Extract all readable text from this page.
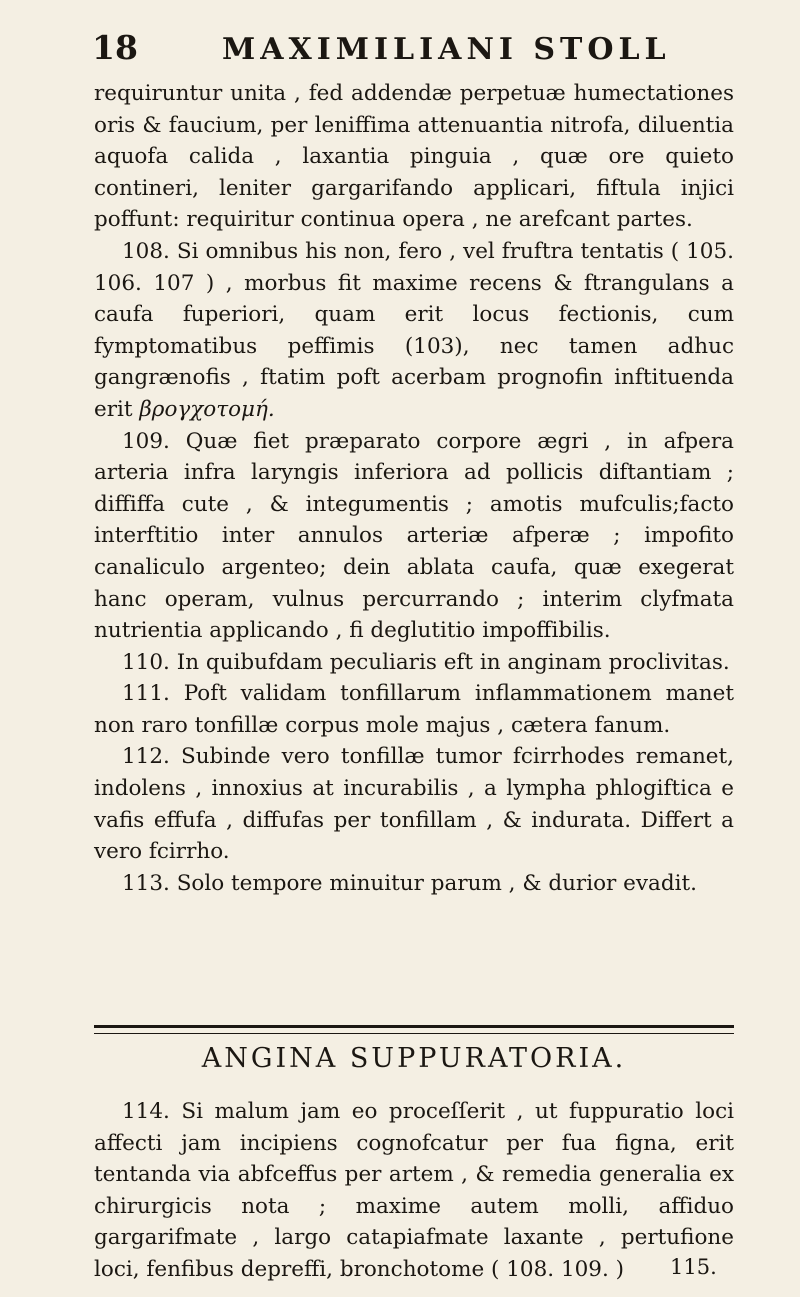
18	MAXIMILIANI STOLL

requiruntur unita , fed addendæ perpetuæ humectationes oris & faucium, per leniffima attenuantia nitrofa, diluentia aquofa calida , laxantia pinguia , quæ ore quieto contineri, leniter gargarifando applicari, fiftula injici poffunt: requiritur continua opera , ne arefcant partes.

108. Si omnibus his non, fero , vel fruftra tentatis ( 105. 106. 107 ) , morbus fit maxime recens & ftrangulans a caufa fuperiori, quam erit locus fectionis, cum fymptomatibus peffimis (103), nec tamen adhuc gangrænofis , ftatim poft acerbam prognofin inftituenda erit βρογχοτομή.

109. Quæ fiet præparato corpore ægri , in afpera arteria infra laryngis inferiora ad pollicis diftantiam ; diffiffa cute , & integumentis ; amotis mufculis;facto interftitio inter annulos arteriæ afperæ ; impofito canaliculo argenteo; dein ablata caufa, quæ exegerat hanc operam, vulnus percurrando ; interim clyfmata nutrientia applicando , fi deglutitio impoffibilis.

110. In quibufdam peculiaris eft in anginam proclivitas.

111. Poft validam tonfillarum inflammationem manet non raro tonfillæ corpus mole majus , cætera fanum.

112. Subinde vero tonfillæ tumor fcirrhodes remanet, indolens , innoxius at incurabilis , a lympha phlogiftica e vafis effufa , diffufas per tonfillam , & indurata. Differt a vero fcirrho.

113. Solo tempore minuitur parum , & durior evadit.

ANGINA SUPPURATORIA.

114. Si malum jam eo proceſſerit , ut fuppuratio loci affecti jam incipiens cognofcatur per fua figna, erit tentanda via abfceffus per artem , & remedia generalia ex chirurgicis nota ; maxime autem molli, affiduo gargarifmate , largo catapiafmate laxante , pertufione loci, fenfibus depreffi, bronchotome ( 108. 109. )	115.
